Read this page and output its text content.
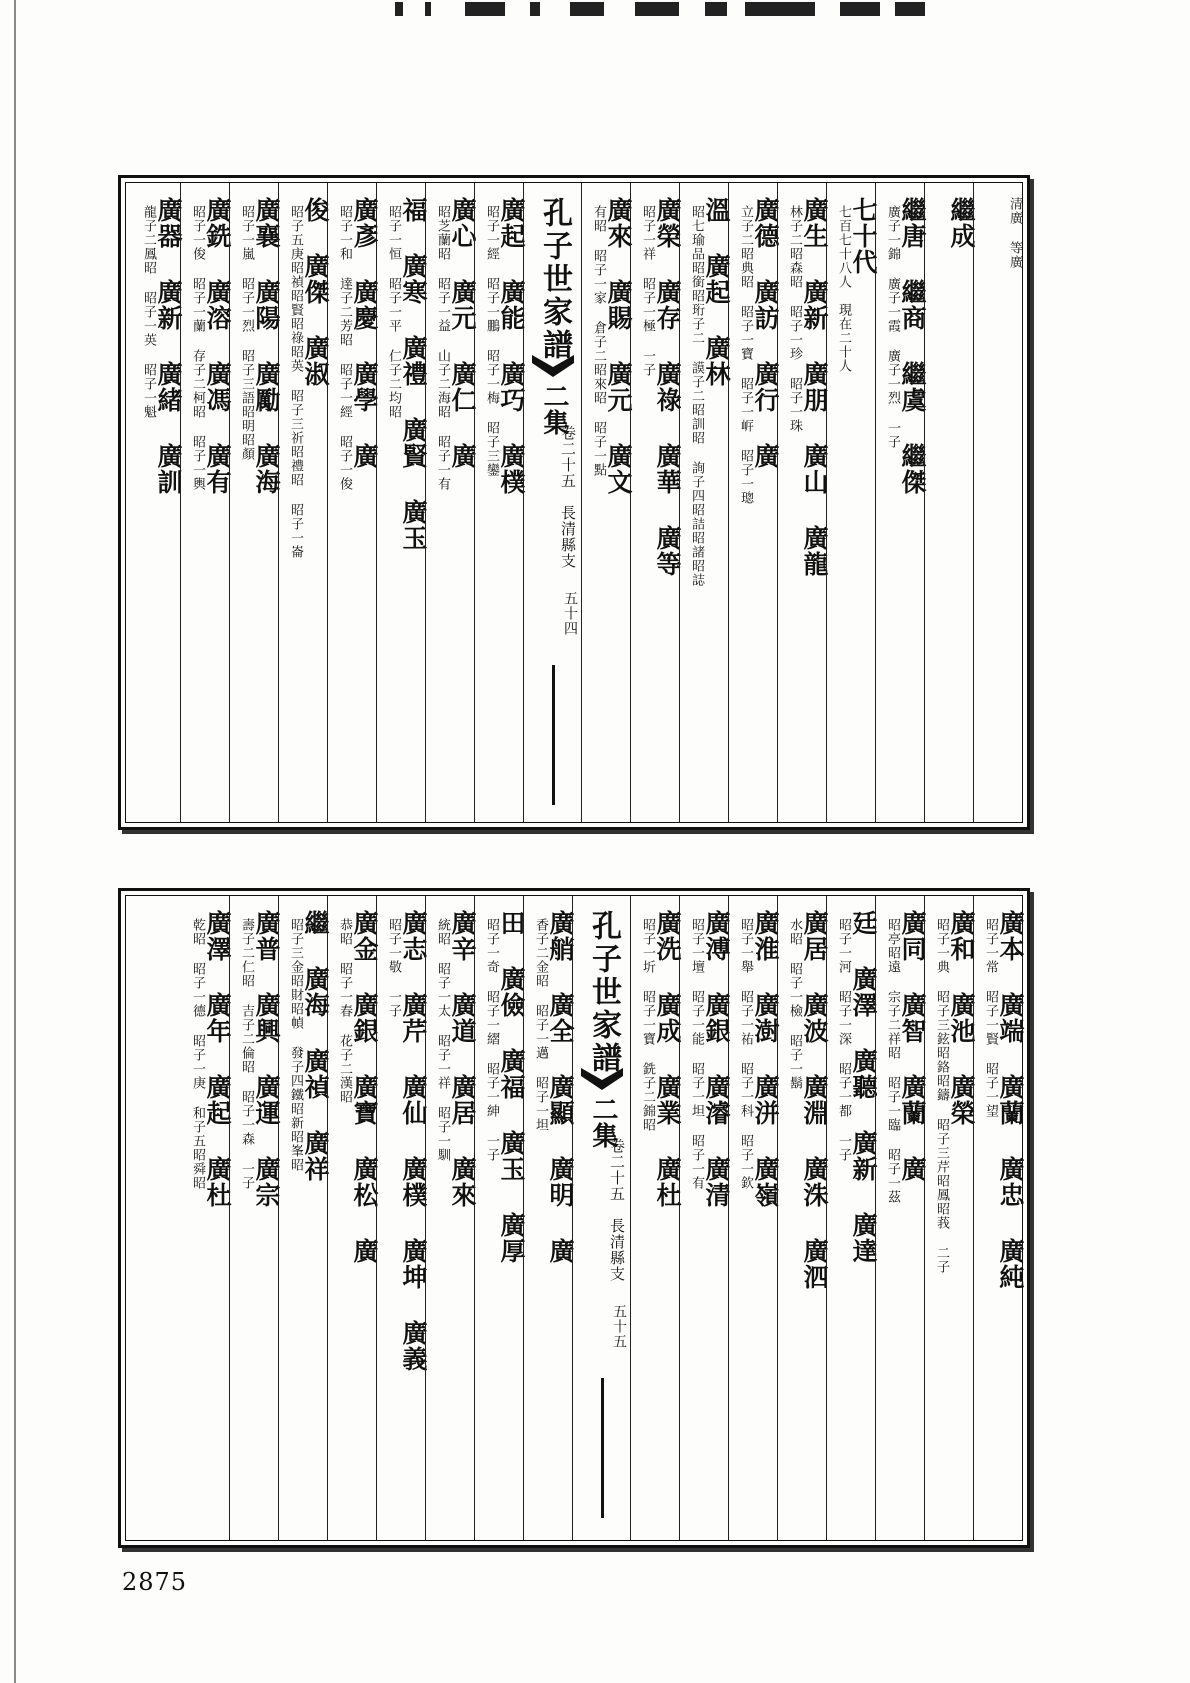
清廣 等廣
繼成
繼唐 繼商 繼虞 繼傑
廣子一錦 廣子一霞 廣子一烈 一子
七十代
七百七十八人　現在二十人
廣生 廣新 廣朋 廣山 廣龍
林子二昭森昭 昭子一珍 昭子一珠
廣德 廣訪 廣行 廣
立子二昭典昭 昭子一寶 昭子一㟁 昭子一璁
溫 廣起 廣林
昭七瑜品昭銜昭珩子二 謨子二昭訓昭 詢子四昭詰昭諸昭誌
廣榮 廣存 廣祿 廣華 廣等
昭子一祥 昭子一極 一子
廣來 廣賜 廣元 廣文
有昭 昭子一家 倉子二昭來昭 昭子一點
孔子世家譜
二集
卷二十五　長清縣支
五十四
廣起 廣能 廣巧 廣樸
昭子一經 昭子一鵬 昭子一梅 昭子三鑾
廣心 廣元 廣仁 廣
昭芝蘭昭 昭子一益 山子二海昭 昭子一有
福 廣寒 廣禮 廣賢 廣玉
昭子一恒 昭子一平 仁子二均昭
廣彥 廣慶 廣學 廣
昭子一和 達子二芳昭 昭子一經 昭子一俊
俊 廣傑 廣淑
昭子五庚昭禎昭賢昭祿昭英 昭子三祈昭禮昭 昭子一崙
廣襄 廣陽 廣勵 廣海
昭子一嵐 昭子一烈 昭子三語昭明昭顏
廣銑 廣溶 廣馮 廣有
昭子一俊 昭子一蘭 存子二柯昭 昭子一輿
廣器 廣新 廣緒 廣訓
龍子二鳳昭 昭子一英 昭子一魁
廣本 廣端 廣蘭 廣忠 廣純
昭子一常 昭子一賢 昭子一望
廣和 廣池 廣榮
昭子一典 昭子三鉉昭鉻昭鑄 昭子三芹昭鳳昭莪 二子
廣同 廣智 廣蘭 廣
昭亭昭遠 宗子二祥昭 昭子一臨 昭子一茲
廷 廣澤 廣聽 廣新 廣達
昭子一河 昭子一深 昭子一都 一子
廣居 廣波 廣淵 廣洙 廣泗
水昭 昭子一檢 昭子一鬍
廣淮 廣澍 廣洴 廣嶺
昭子一舉 昭子一祐 昭子一科 昭子一欽
廣溥 廣銀 廣濬 廣清
昭子一壇 昭子一能 昭子一坦 昭子一有
廣洗 廣成 廣業 廣杜
昭子一圻 昭子一寶 銑子二錦昭
孔子世家譜
二集
卷二十五　長清縣支
五十五
廣艄 廣全 廣顯 廣明 廣
香子二金昭 昭子一邁 昭子一坦
田 廣儉 廣福 廣玉 廣厚
昭子一奇 昭子一䌌 昭子一紳 一子
廣辛 廣道 廣居 廣來
統昭 昭子一太 昭子一祥 昭子一馴
廣志 廣芹 廣仙 廣樸 廣坤 廣義
昭子一敬 一子
廣金 廣銀 廣寶 廣松 廣
恭昭 昭子一春 花子二漢昭
繼 廣海 廣禎 廣祥
昭子三金昭財昭幀 發子四鐵昭新昭峯昭
廣普 廣興 廣運 廣宗
壽子二仁昭 吉子二倫昭 昭子一森 一子
廣澤 廣年 廣起 廣杜
乾昭 昭子一德 昭子一庚 和子五昭舜昭
2875
